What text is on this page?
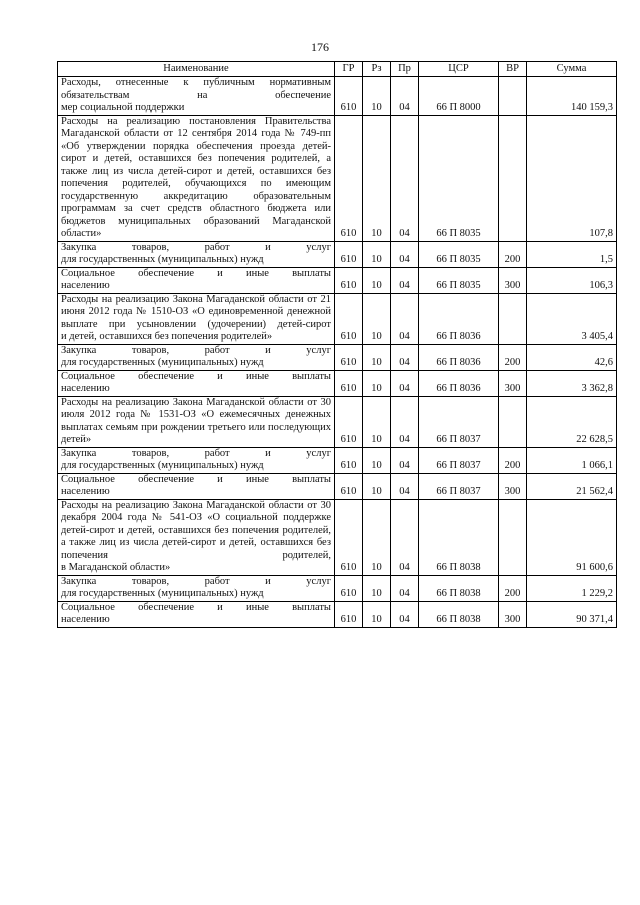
176
Наименование	ГР	Рз	Пр	ЦСР	ВР	Сумма
Расходы, отнесенные к публичным нормативным обязательствам на обеспечение
мер социальной поддержки	610	10	04	66 П 8000		140 159,3
Расходы на реализацию постановления Правительства Магаданской области от 12 сентября 2014 года № 749-пп «Об утверждении порядка обеспечения проезда детей-сирот и детей, оставшихся без попечения родителей, а также лиц из числа детей-сирот и детей, оставшихся без попечения родителей, обучающихся по имеющим государственную аккредитацию образовательным программам за счет средств областного бюджета или бюджетов муниципальных образований Магаданской
области»	610	10	04	66 П 8035		107,8
Закупка товаров, работ и услуг
для государственных (муниципальных) нужд	610	10	04	66 П 8035	200	1,5
Социальное обеспечение и иные выплаты
населению	610	10	04	66 П 8035	300	106,3
Расходы на реализацию Закона Магаданской области от 21 июня 2012 года № 1510-ОЗ «О единовременной денежной выплате при усыновлении (удочерении) детей-сирот
и детей, оставшихся без попечения родителей»	610	10	04	66 П 8036		3 405,4
Закупка товаров, работ и услуг
для государственных (муниципальных) нужд	610	10	04	66 П 8036	200	42,6
Социальное обеспечение и иные выплаты
населению	610	10	04	66 П 8036	300	3 362,8
Расходы на реализацию Закона Магаданской области от 30 июля 2012 года № 1531-ОЗ «О ежемесячных денежных выплатах семьям при рождении третьего или последующих
детей»	610	10	04	66 П 8037		22 628,5
Закупка товаров, работ и услуг
для государственных (муниципальных) нужд	610	10	04	66 П 8037	200	1 066,1
Социальное обеспечение и иные выплаты
населению	610	10	04	66 П 8037	300	21 562,4
Расходы на реализацию Закона Магаданской области от 30 декабря 2004 года № 541-ОЗ «О социальной поддержке детей-сирот и детей, оставшихся без попечения родителей, а также лиц из числа детей-сирот и детей, оставшихся без попечения родителей,
в Магаданской области»	610	10	04	66 П 8038		91 600,6
Закупка товаров, работ и услуг
для государственных (муниципальных) нужд	610	10	04	66 П 8038	200	1 229,2
Социальное обеспечение и иные выплаты
населению	610	10	04	66 П 8038	300	90 371,4
